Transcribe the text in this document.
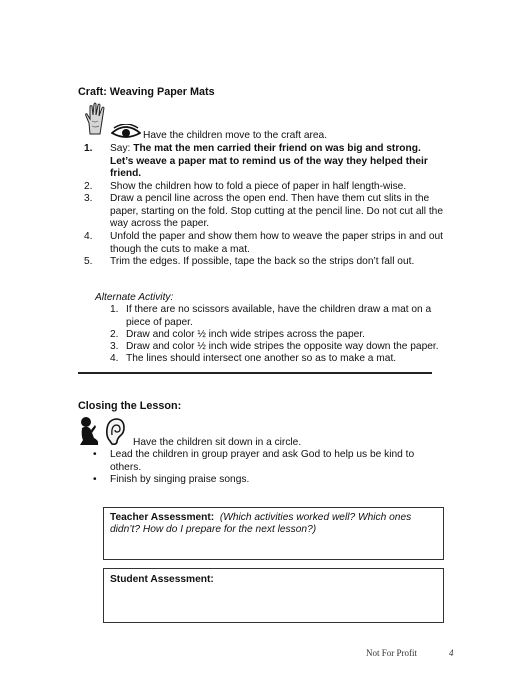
Craft: Weaving Paper Mats
Have the children move to the craft area.
1. Say: The mat the men carried their friend on was big and strong.
Let’s weave a paper mat to remind us of the way they helped their
friend.
2. Show the children how to fold a piece of paper in half length-wise.
3. Draw a pencil line across the open end. Then have them cut slits in the
paper, starting on the fold. Stop cutting at the pencil line. Do not cut all the
way across the paper.
4. Unfold the paper and show them how to weave the paper strips in and out
though the cuts to make a mat.
5. Trim the edges. If possible, tape the back so the strips don’t fall out.
Alternate Activity:
1. If there are no scissors available, have the children draw a mat on a
piece of paper.
2. Draw and color ½ inch wide stripes across the paper.
3. Draw and color ½ inch wide stripes the opposite way down the paper.
4. The lines should intersect one another so as to make a mat.
Closing the Lesson:
Have the children sit down in a circle.
• Lead the children in group prayer and ask God to help us be kind to
others.
• Finish by singing praise songs.
Teacher Assessment: (Which activities worked well? Which ones
didn’t? How do I prepare for the next lesson?)
Student Assessment:
Not For Profit	4
